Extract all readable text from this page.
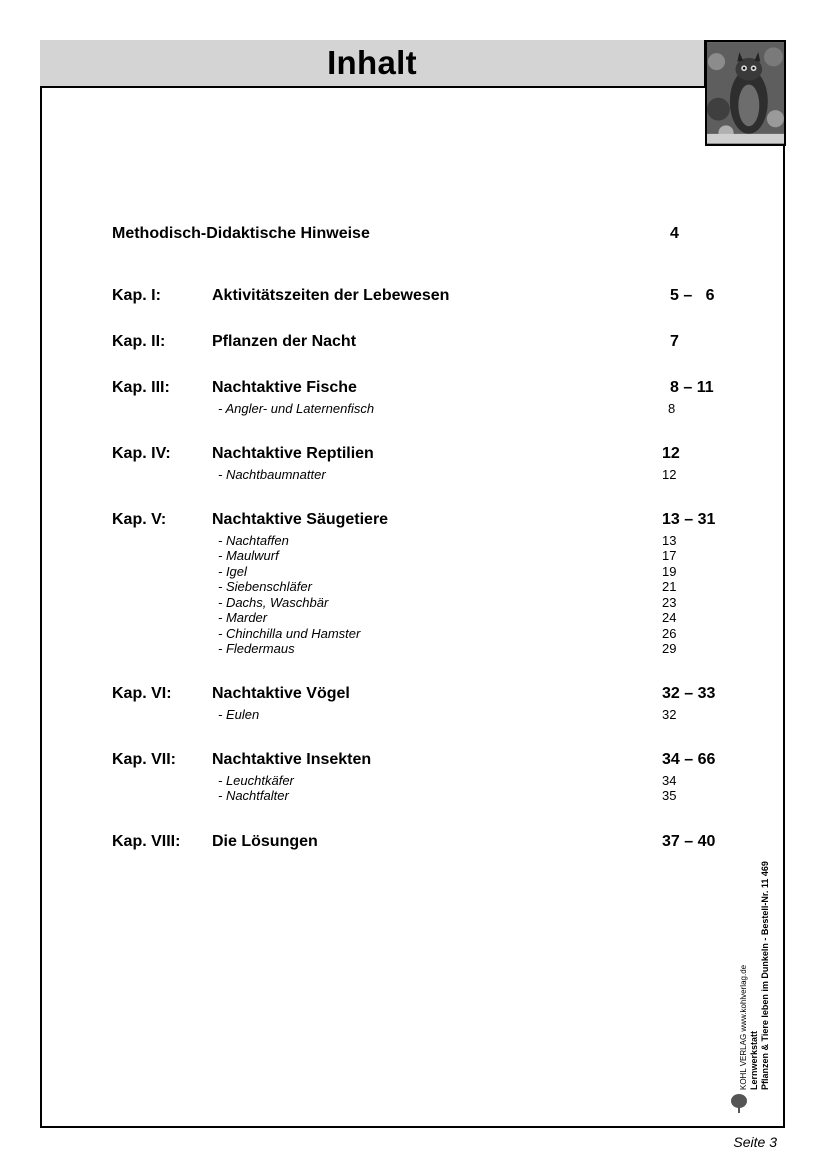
Inhalt
Methodisch-Didaktische Hinweise	4
Kap. I:	Aktivitätszeiten der Lebewesen	5 –   6
Kap. II:	Pflanzen der Nacht	7
Kap. III:	Nachtaktive Fische	8 – 11
- Angler- und Laternenfisch	8
Kap. IV:	Nachtaktive Reptilien	12
- Nachtbaumnatter	12
Kap. V:	Nachtaktive Säugetiere	13 – 31
- Nachtaffen	13
- Maulwurf	17
- Igel	19
- Siebenschläfer	21
- Dachs, Waschbär	23
- Marder	24
- Chinchilla und Hamster	26
- Fledermaus	29
Kap. VI:	Nachtaktive Vögel	32 – 33
- Eulen	32
Kap. VII: Nachtaktive Insekten	34 – 66
- Leuchtkäfer	34
- Nachtfalter	35
Kap. VIII: Die Lösungen	37 – 40
KOHL VERLAG www.kohlverlag.de Lernwerkstatt Pflanzen & Tiere leben im Dunkeln - Bestell-Nr. 11 469
Seite 3
